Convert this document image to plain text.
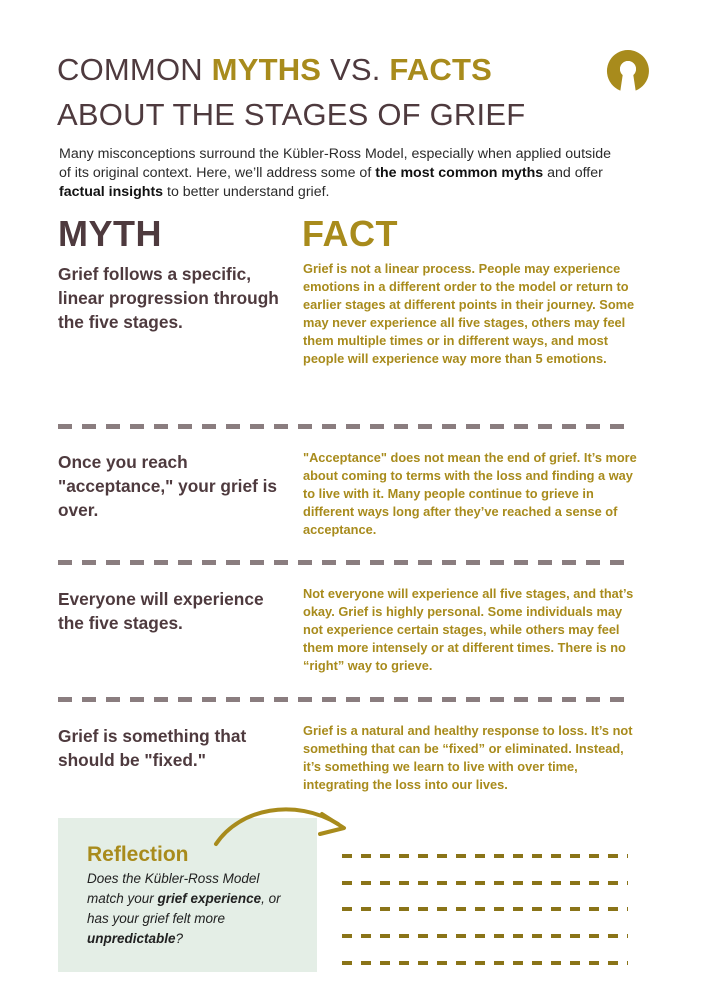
COMMON MYTHS VS. FACTS
ABOUT THE STAGES OF GRIEF

Many misconceptions surround the Kübler-Ross Model, especially when applied outside of its original context. Here, we’ll address some of the most common myths and offer factual insights to better understand grief.

MYTH	FACT
Grief follows a specific, linear progression through the five stages.
Grief is not a linear process. People may experience emotions in a different order to the model or return to earlier stages at different points in their journey. Some may never experience all five stages, others may feel them multiple times or in different ways, and most people will experience way more than 5 emotions.
Once you reach "acceptance," your grief is over.
"Acceptance" does not mean the end of grief. It’s more about coming to terms with the loss and finding a way to live with it. Many people continue to grieve in different ways long after they’ve reached a sense of acceptance.
Everyone will experience the five stages.
Not everyone will experience all five stages, and that’s okay. Grief is highly personal. Some individuals may not experience certain stages, while others may feel them more intensely or at different times. There is no “right” way to grieve.
Grief is something that should be "fixed."
Grief is a natural and healthy response to loss. It’s not something that can be “fixed” or eliminated. Instead, it’s something we learn to live with over time, integrating the loss into our lives.
Reflection

Does the Kübler-Ross Model match your grief experience, or has your grief felt more unpredictable?
